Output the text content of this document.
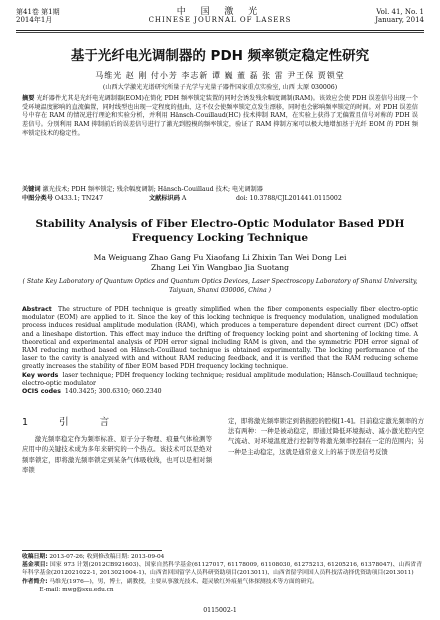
第41卷 第1期
2014年1月
中 国 激 光
CHINESE JOURNAL OF LASERS
Vol. 41, No. 1
January, 2014
基于光纤电光调制器的 PDH 频率锁定稳定性研究
马维光 赵 刚 付小芳 李志新 谭 巍 董 磊 张 雷 尹王保 贾锁堂
(山西大学激光光谱研究所量子光学与光量子器件国家重点实验室, 山西 太原 030006)
摘要 光纤器件尤其是光纤电光调制器(EOM)在简化 PDH 频率锁定装置的同时会诱发残余幅度调制(RAM)。该效应会使 PDH 误差信号出现一个受环境温度影响的直流偏置，同时线型也出现一定程度的扭曲，这不仅会使频率锁定点发生漂移，同时也会影响频率锁定的时间。对 PDH 误差信号中存在 RAM 的情况进行理论和实验分析，并利用 Hänsch-Couillaud(HC) 技术抑制 RAM，在实验上获得了无偏置且信号对称的 PDH 误差信号。分别利用 RAM 抑制前后的误差信号进行了激光到腔模的频率锁定，验证了 RAM 抑制方案可以极大地增加基于光纤 EOM 的 PDH 频率锁定技术的稳定性。
关键词 激光技术; PDH 频率锁定; 残余幅度调制; Hänsch-Couillaud 技术; 电光调制器
中图分类号 O433.1; TN247	文献标识码 A	doi: 10.3788/CJL201441.0115002
Stability Analysis of Fiber Electro-Optic Modulator Based PDH Frequency Locking Technique
Ma Weiguang Zhao Gang Fu Xiaofang Li Zhixin Tan Wei Dong Lei
Zhang Lei Yin Wangbao Jia Suotang
( State Key Laboratory of Quantum Optics and Quantum Optics Devices, Laser Spectroscopy Laboratory of Shanxi University, Taiyuan, Shanxi 030006, China )
Abstract The structure of PDH technique is greatly simplified when the fiber components especially fiber electro-optic modulator (EOM) are applied to it. Since the key of this locking technique is frequency modulation, unaligned modulation process induces residual amplitude modulation (RAM), which produces a temperature dependent direct current (DC) offset and a lineshape distortion. This effect may induce the drifting of frequency locking point and shortening of locking time. A theoretical and experimental analysis of PDH error signal including RAM is given, and the symmetric PDH error signal of RAM reducing method based on Hänsch-Couillaud technique is obtained experimentally. The locking performance of the laser to the cavity is analyzed with and without RAM reducing feedback, and it is verified that the RAM reducing scheme greatly increases the stability of fiber EOM based PDH frequency locking technique.
Key words laser technique; PDH frequency locking technique; residual amplitude modulation; Hänsch-Couillaud technique; electro-optic modulator
OCIS codes 140.3425; 300.6310; 060.2340
1 引 言
激光频率稳定作为频率标准、原子分子物理、痕量气体检测等应用中的关键技术成为多年来研究的一个热点。该技术可以是绝对频率锁定，即将激光频率锁定到某条气体吸收线，也可以是相对频率锁
定，即将激光频率锁定到谐振腔的腔模[1-4]。目前稳定激光频率的方法有两种：一种是被动稳定，即通过降低环境振动、减小激光腔内空气流动、对环境温度进行控制等将激光频率控制在一定的范围内；另一种是主动稳定，这就是通常意义上的基于误差信号反馈
收稿日期: 2013-07-26; 收到修改稿日期: 2013-09-04
基金项目: 国家 973 计划(2012CB921603)、国家自然科学基金(61127017, 61178009, 61108030, 61275213, 61205216, 61378047)、山西省青年科学基金(2012021022-1, 2013021004-1)、山西省回国留学人员科研资助项目(2013011)、山西省留学回国人员科技活动择优资助项目(2013011)
作者简介: 马维光(1976—)，男，博士，副教授，主要从事激光技术、超灵敏红外痕量气体探测技术等方面的研究。
E-mail: mwg@sxu.edu.cn
0115002-1
